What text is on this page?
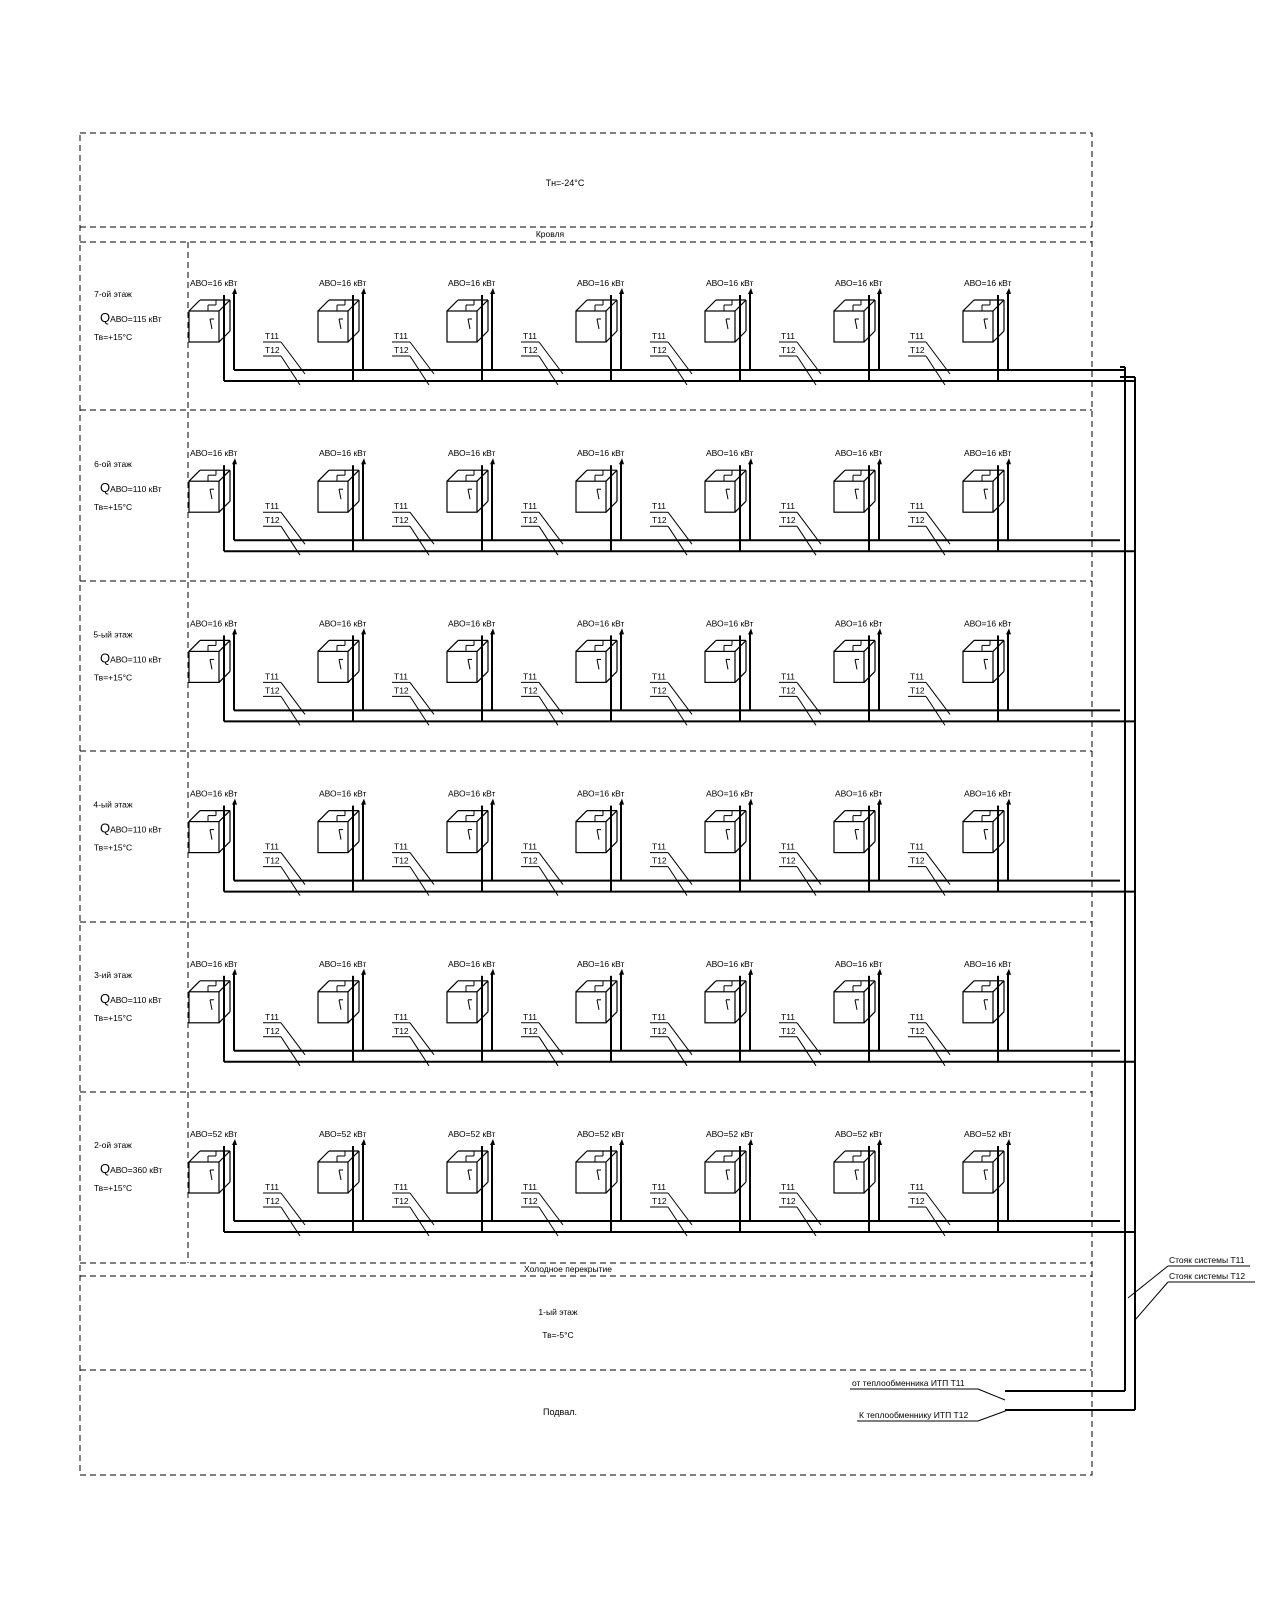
Тн=-24°С
Кровля
Холодное перекрытие
1-ый этаж
Тв=-5°С
Подвал.
7-ой этаж
QАВО=115 кВт
Тв=+15°С
АВО=16 кВт
Т11
Т12
АВО=16 кВт
Т11
Т12
АВО=16 кВт
Т11
Т12
АВО=16 кВт
Т11
Т12
АВО=16 кВт
Т11
Т12
АВО=16 кВт
Т11
Т12
АВО=16 кВт
6-ой этаж
QАВО=110 кВт
Тв=+15°С
АВО=16 кВт
Т11
Т12
АВО=16 кВт
Т11
Т12
АВО=16 кВт
Т11
Т12
АВО=16 кВт
Т11
Т12
АВО=16 кВт
Т11
Т12
АВО=16 кВт
Т11
Т12
АВО=16 кВт
5-ый этаж
QАВО=110 кВт
Тв=+15°С
АВО=16 кВт
Т11
Т12
АВО=16 кВт
Т11
Т12
АВО=16 кВт
Т11
Т12
АВО=16 кВт
Т11
Т12
АВО=16 кВт
Т11
Т12
АВО=16 кВт
Т11
Т12
АВО=16 кВт
4-ый этаж
QАВО=110 кВт
Тв=+15°С
АВО=16 кВт
Т11
Т12
АВО=16 кВт
Т11
Т12
АВО=16 кВт
Т11
Т12
АВО=16 кВт
Т11
Т12
АВО=16 кВт
Т11
Т12
АВО=16 кВт
Т11
Т12
АВО=16 кВт
3-ий этаж
QАВО=110 кВт
Тв=+15°С
АВО=16 кВт
Т11
Т12
АВО=16 кВт
Т11
Т12
АВО=16 кВт
Т11
Т12
АВО=16 кВт
Т11
Т12
АВО=16 кВт
Т11
Т12
АВО=16 кВт
Т11
Т12
АВО=16 кВт
2-ой этаж
QАВО=360 кВт
Тв=+15°С
АВО=52 кВт
Т11
Т12
АВО=52 кВт
Т11
Т12
АВО=52 кВт
Т11
Т12
АВО=52 кВт
Т11
Т12
АВО=52 кВт
Т11
Т12
АВО=52 кВт
Т11
Т12
АВО=52 кВт
Стояк системы Т11
Стояк системы Т12
от теплообменника ИТП Т11
К теплообменнику ИТП Т12
